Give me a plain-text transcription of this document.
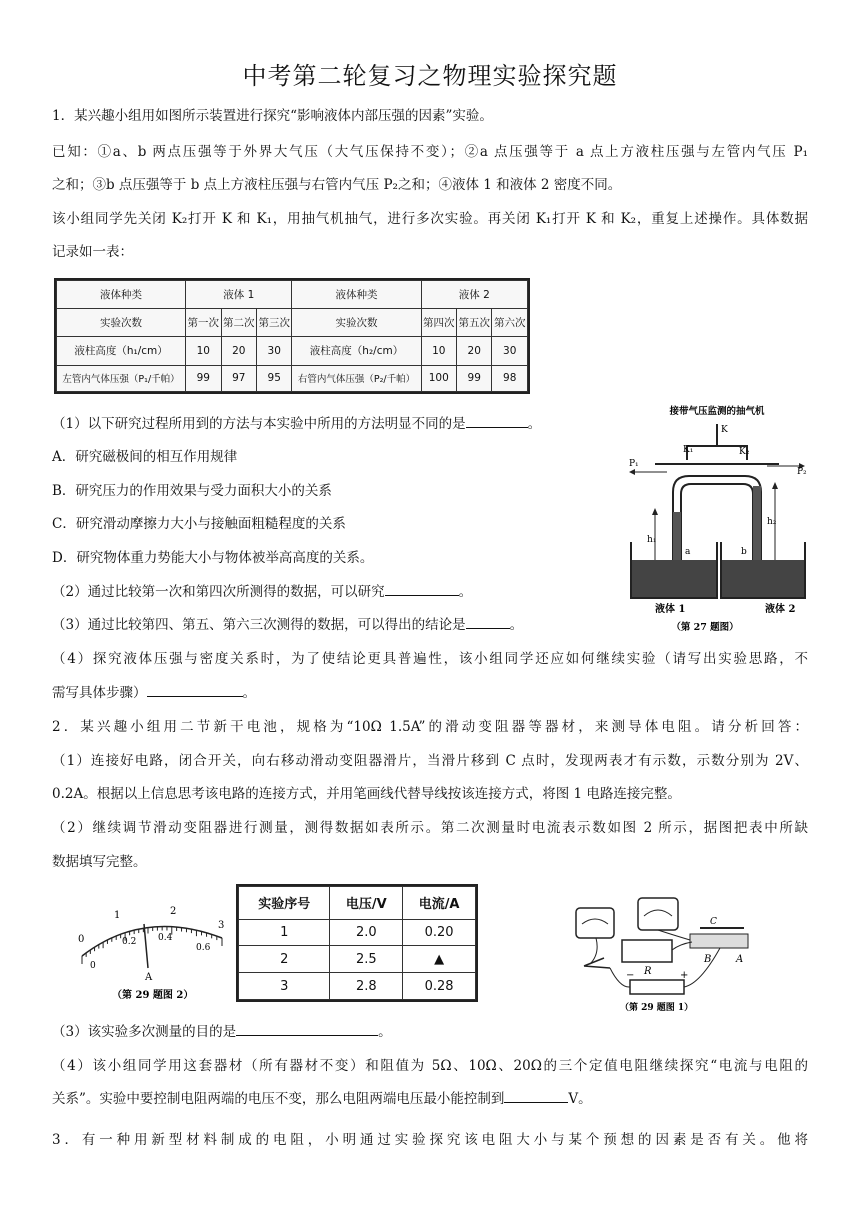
中考第二轮复习之物理实验探究题
1．某兴趣小组用如图所示装置进行探究“影响液体内部压强的因素”实验。
已知：①a、b 两点压强等于外界大气压（大气压保持不变）；②a 点压强等于 a 点上方液柱压强与左管内气压 P₁
之和；③b 点压强等于 b 点上方液柱压强与右管内气压 P₂之和；④液体 1 和液体 2 密度不同。
该小组同学先关闭 K₂打开 K 和 K₁，用抽气机抽气，进行多次实验。再关闭 K₁打开 K 和 K₂，重复上述操作。具体数据
记录如一表：
液体种类	液体 1			液体种类	液体 2		
实验次数	第一次	第二次	第三次	实验次数	第四次	第五次	第六次
液柱高度（h₁/cm）	10	20	30	液柱高度（h₂/cm）	10	20	30
左管内气体压强（P₁/千帕）	99	97	95	右管内气体压强（P₂/千帕）	100	99	98
（1）以下研究过程所用到的方法与本实验中所用的方法明显不同的是	。
A．研究磁极间的相互作用规律
B．研究压力的作用效果与受力面积大小的关系
C．研究滑动摩擦力大小与接触面粗糙程度的关系
D．研究物体重力势能大小与物体被举高高度的关系。
（2）通过比较第一次和第四次所测得的数据，可以研究	。
（3）通过比较第四、第五、第六三次测得的数据，可以得出的结论是	。
（4）探究液体压强与密度关系时，为了使结论更具普遍性，该小组同学还应如何继续实验（请写出实验思路，不
需写具体步骤）	。
接带气压监测的抽气机
K
K₁	K₂
P₁
P₂
h₁
h₂
a	b
液体 1	液体 2
（第 27 题图）
2．某兴趣小组用二节新干电池，规格为“10Ω 1.5A”的滑动变阻器等器材，来测导体电阻。请分析回答：
（1）连接好电路，闭合开关，向右移动滑动变阻器滑片，当滑片移到 C 点时，发现两表才有示数，示数分别为 2V、
0.2A。根据以上信息思考该电路的连接方式，并用笔画线代替导线按该连接方式，将图 1 电路连接完整。
（2）继续调节滑动变阻器进行测量，测得数据如表所示。第二次测量时电流表示数如图 2 所示，据图把表中所缺
数据填写完整。
0
1	2
3
0
0.2 0.4
0.6
A
（第 29 题图 2）
实验序号	电压/V	电流/A
1	2.0	0.20
2	2.5	▲
3	2.8	0.28
R
C
B A
−	+
（第 29 题图 1）
（3）该实验多次测量的目的是	。
（4）该小组同学用这套器材（所有器材不变）和阻值为 5Ω、10Ω、20Ω的三个定值电阻继续探究“电流与电阻的
关系”。实验中要控制电阻两端的电压不变，那么电阻两端电压最小能控制到	V。
3．有一种用新型材料制成的电阻，小明通过实验探究该电阻大小与某个预想的因素是否有关。他将
